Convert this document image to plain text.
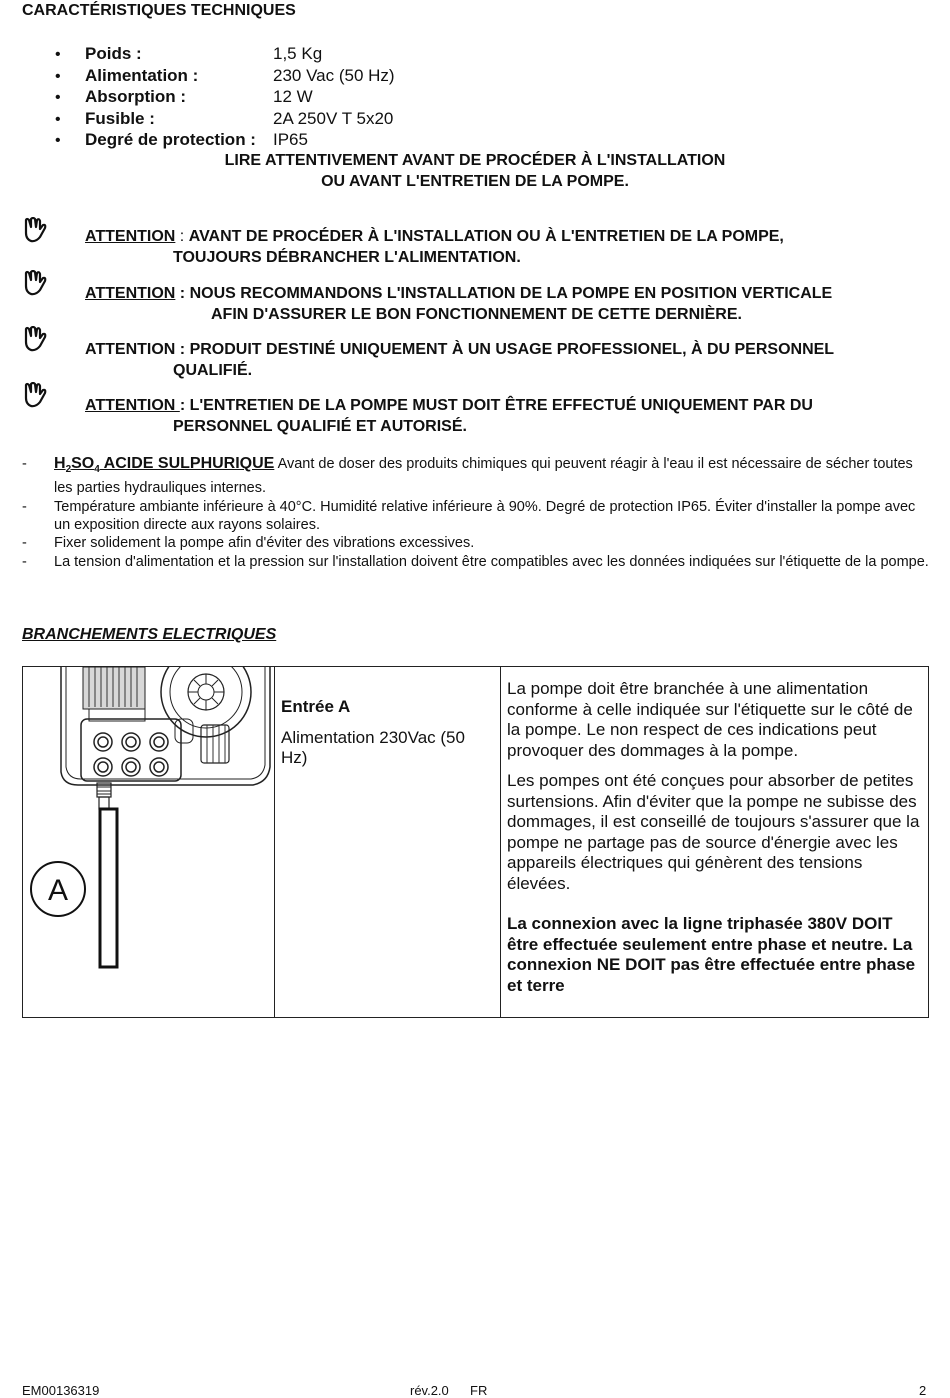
CARACTÉRISTIQUES TECHNIQUES
• Poids :	1,5 Kg
• Alimentation :	230 Vac (50 Hz)
• Absorption :	12 W
• Fusible :	2A 250V T 5x20
• Degré de protection : IP65
LIRE ATTENTIVEMENT AVANT DE PROCÉDER À L'INSTALLATION
OU AVANT L'ENTRETIEN DE LA POMPE.
ATTENTION : AVANT DE PROCÉDER À L'INSTALLATION OU À L'ENTRETIEN DE LA POMPE,
TOUJOURS DÉBRANCHER L'ALIMENTATION.
ATTENTION : NOUS RECOMMANDONS L'INSTALLATION DE LA POMPE EN POSITION VERTICALE
AFIN D'ASSURER LE BON FONCTIONNEMENT DE CETTE DERNIÈRE.
ATTENTION : PRODUIT DESTINÉ UNIQUEMENT À UN USAGE PROFESSIONEL, À DU PERSONNEL
QUALIFIÉ.
ATTENTION : L'ENTRETIEN DE LA POMPE MUST DOIT ÊTRE EFFECTUÉ UNIQUEMENT PAR DU
PERSONNEL QUALIFIÉ ET AUTORISÉ.
- $H_2SO_4$ ACIDE SULPHURIQUE Avant de doser des produits chimiques qui peuvent réagir à l'eau il est nécessaire de sécher toutes les parties hydrauliques internes.
- Température ambiante inférieure à 40°C. Humidité relative inférieure à 90%. Degré de protection IP65. Éviter d'installer la pompe avec un exposition directe aux rayons solaires.
- Fixer solidement la pompe afin d'éviter des vibrations excessives.
- La tension d'alimentation et la pression sur l'installation doivent être compatibles avec les données indiquées sur l'étiquette de la pompe.
BRANCHEMENTS ELECTRIQUES
A

Entrée A
Alimentation 230Vac (50 Hz)

La pompe doit être branchée à une alimentation conforme à celle indiquée sur l'étiquette sur le côté de la pompe. Le non respect de ces indications peut provoquer des dommages à la pompe.

Les pompes ont été conçues pour absorber de petites surtensions. Afin d'éviter que la pompe ne subisse des dommages, il est conseillé de toujours s'assurer que la pompe ne partage pas de source d'énergie avec les appareils électriques qui génèrent des tensions élevées.

La connexion avec la ligne triphasée 380V DOIT être effectuée seulement entre phase et neutre. La connexion NE DOIT pas être effectuée entre phase et terre

EM00136319	rév.2.0 FR	2
